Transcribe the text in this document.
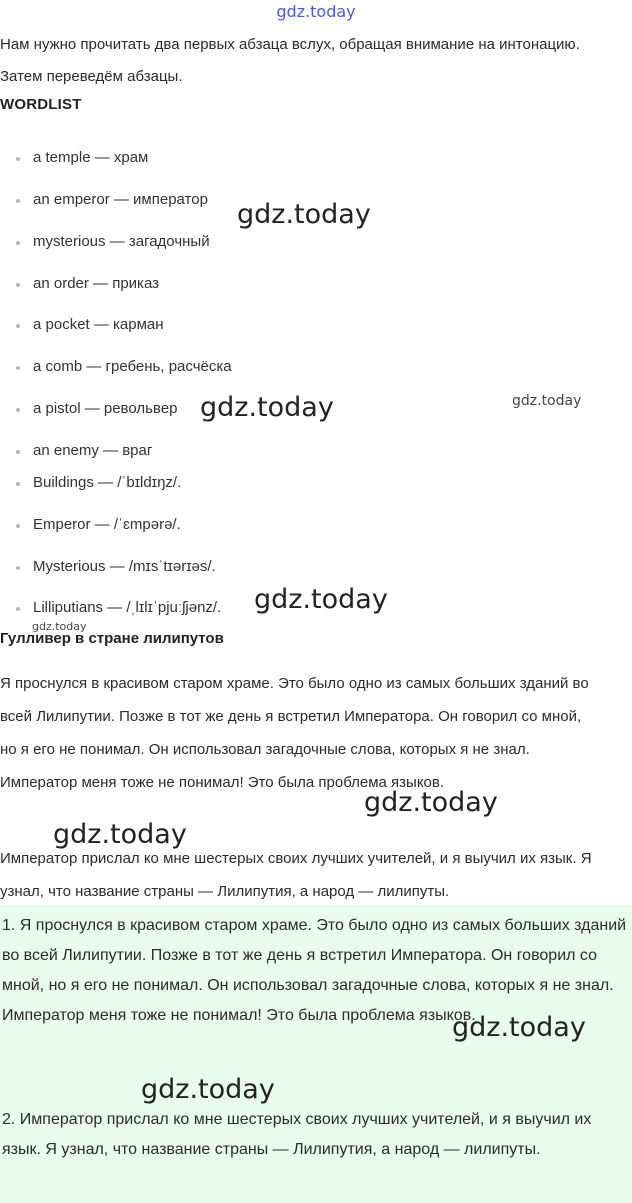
gdz.today

Нам нужно прочитать два первых абзаца вслух, обращая внимание на интонацию. Затем переведём абзацы.

WORDLIST
a temple — храм
an emperor — император
mysterious — загадочный
an order — приказ
a pocket — карман
a comb — гребень, расчёска
a pistol — револьвер
an enemy — враг
Buildings — /ˈbɪldɪŋz/.
Emperor — /ˈɛmpərə/.
Mysterious — /mɪsˈtɪərɪəs/.
Lilliputians — /ˌlɪlɪˈpjuːʃjənz/.
Гулливер в стране лилипутов

Я проснулся в красивом старом храме. Это было одно из самых больших зданий во всей Лилипутии. Позже в тот же день я встретил Императора. Он говорил со мной, но я его не понимал. Он использовал загадочные слова, которых я не знал. Император меня тоже не понимал! Это была проблема языков.

Император прислал ко мне шестерых своих лучших учителей, и я выучил их язык. Я узнал, что название страны — Лилипутия, а народ — лилипуты.

1. Я проснулся в красивом старом храме. Это было одно из самых больших зданий во всей Лилипутии. Позже в тот же день я встретил Императора. Он говорил со мной, но я его не понимал. Он использовал загадочные слова, которых я не знал. Император меня тоже не понимал! Это была проблема языков.

2. Император прислал ко мне шестерых своих лучших учителей, и я выучил их язык. Я узнал, что название страны — Лилипутия, а народ — лилипуты.

gdz.today
gdz.today	gdz.today
gdz.today
gdz.today
gdz.today
gdz.today
gdz.today
gdz.today
